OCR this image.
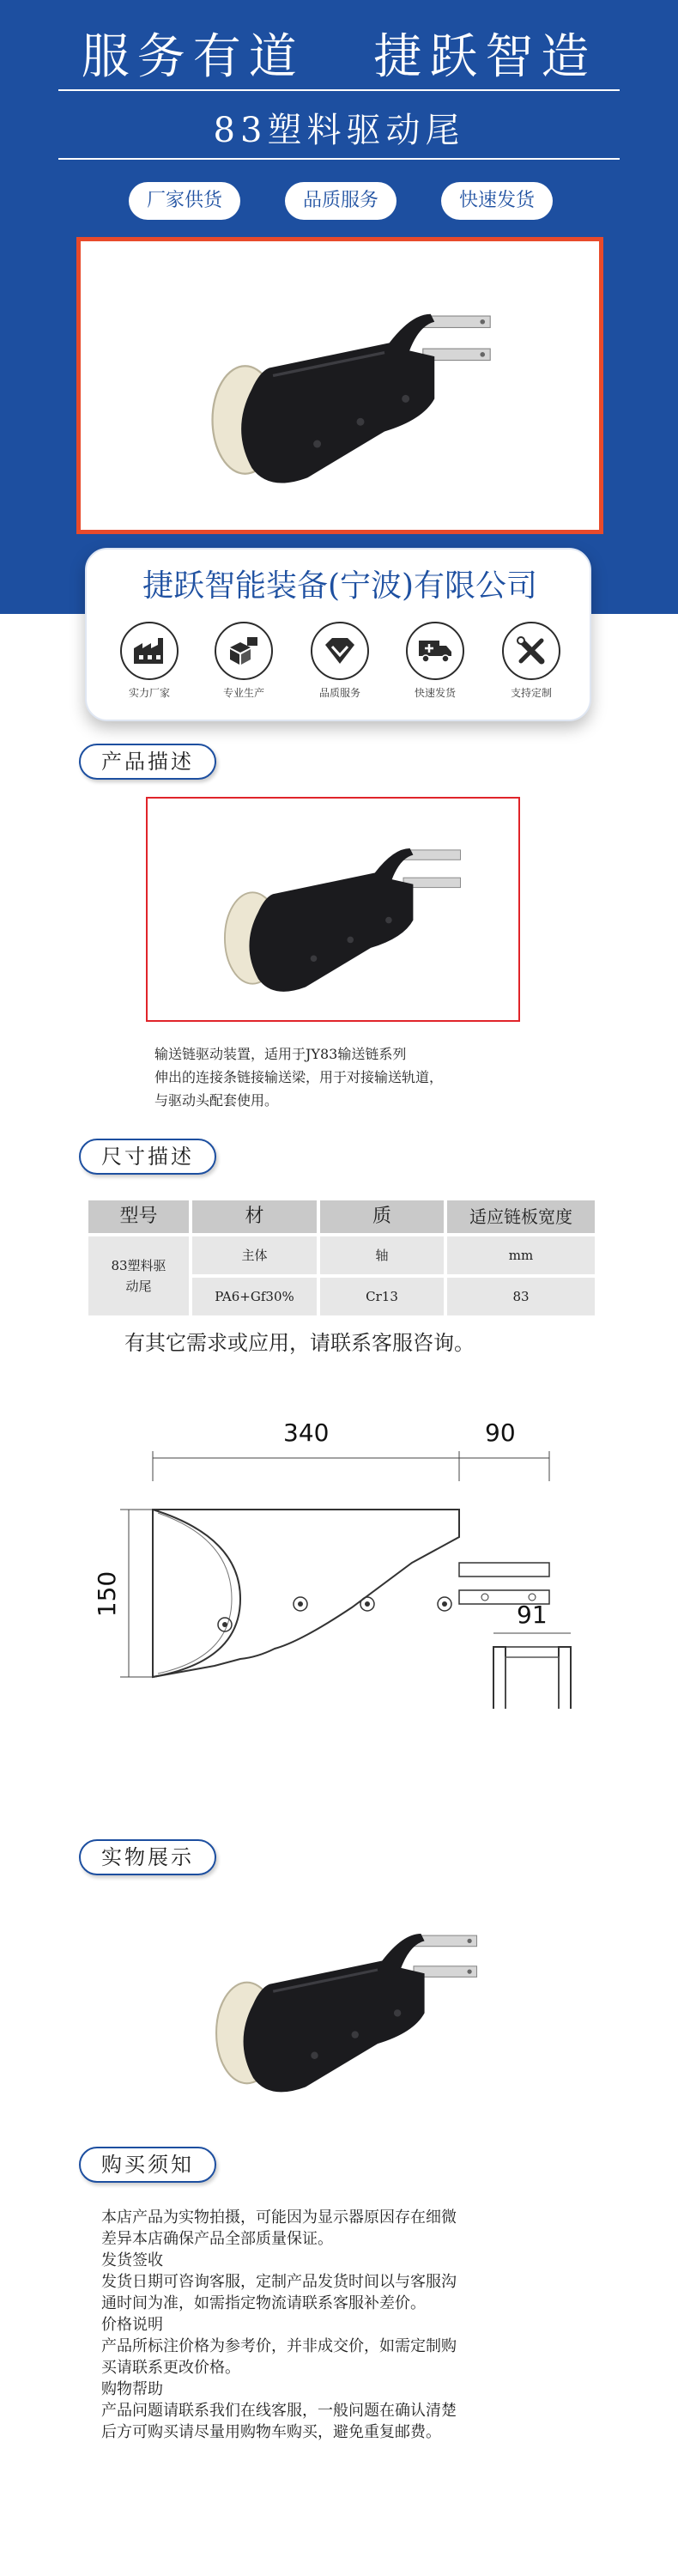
服务有道   捷跃智造
83塑料驱动尾
厂家供货	品质服务	快速发货
捷跃智能装备(宁波)有限公司
实力厂家	专业生产	品质服务	快速发货	支持定制
产品描述
输送链驱动装置，适用于JY83输送链系列
伸出的连接条链接输送梁，用于对接输送轨道，
与驱动头配套使用。
尺寸描述
型号	材	质	适应链板宽度
83塑料驱动尾
主体	轴	mm
PA6+Gf30%	Cr13	83
有其它需求或应用，请联系客服咨询。
340	90
150	91
实物展示
购买须知
本店产品为实物拍摄，可能因为显示器原因存在细微
差异本店确保产品全部质量保证。
发货签收
发货日期可咨询客服，定制产品发货时间以与客服沟
通时间为准，如需指定物流请联系客服补差价。
价格说明
产品所标注价格为参考价，并非成交价，如需定制购
买请联系更改价格。
购物帮助
产品问题请联系我们在线客服，一般问题在确认清楚
后方可购买请尽量用购物车购买，避免重复邮费。
